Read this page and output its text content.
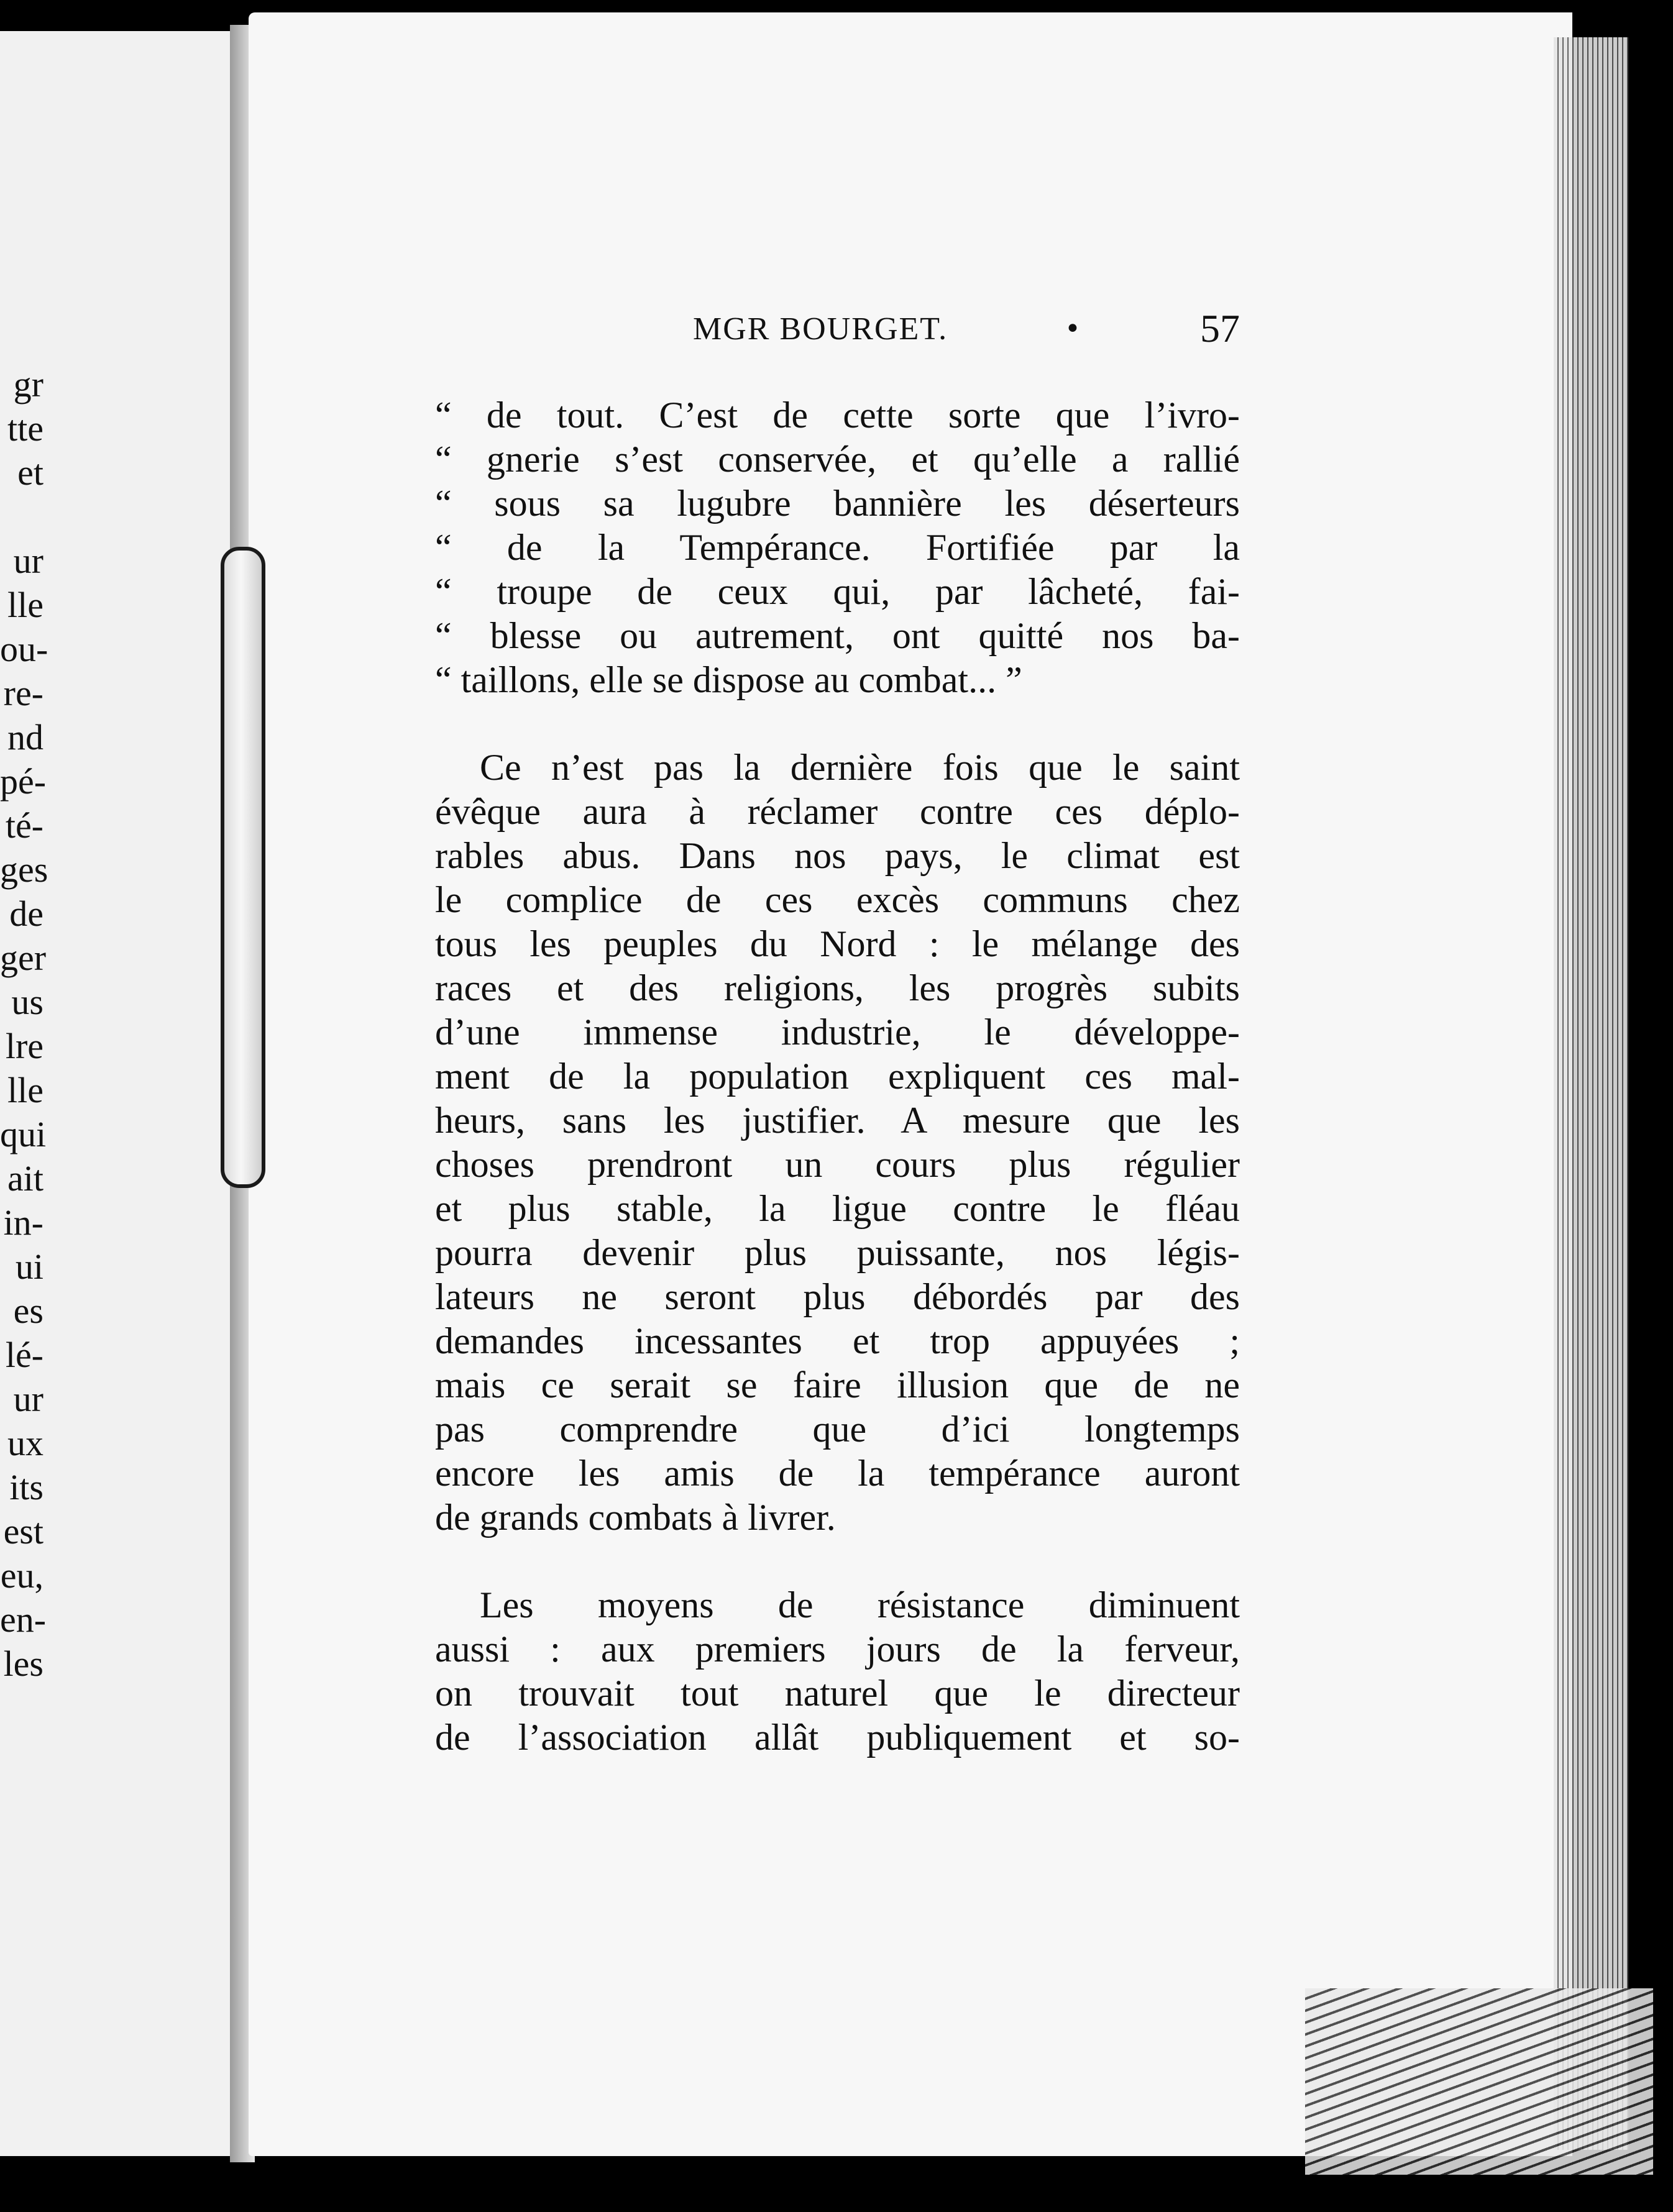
gr
tte
et
ur
lle
ou-
re-
nd
pé-
té-
ges
de
ger
us
lre
lle
qui
ait
in-
ui
es
lé-
ur
ux
its
est
eu,
en-
les
MGR BOURGET.	•	57
“ de tout. C’est de cette sorte que l’ivro-
“ gnerie s’est conservée, et qu’elle a rallié
“ sous sa lugubre bannière les déserteurs
“ de la Tempérance. Fortifiée par la
“ troupe de ceux qui, par lâcheté, fai-
“ blesse ou autrement, ont quitté nos ba-
“ taillons, elle se dispose au combat... ”
Ce n’est pas la dernière fois que le saint
évêque aura à réclamer contre ces déplo-
rables abus. Dans nos pays, le climat est
le complice de ces excès communs chez
tous les peuples du Nord : le mélange des
races et des religions, les progrès subits
d’une immense industrie, le développe-
ment de la population expliquent ces mal-
heurs, sans les justifier. A mesure que les
choses prendront un cours plus régulier
et plus stable, la ligue contre le fléau
pourra devenir plus puissante, nos légis-
lateurs ne seront plus débordés par des
demandes incessantes et trop appuyées ;
mais ce serait se faire illusion que de ne
pas comprendre que d’ici longtemps
encore les amis de la tempérance auront
de grands combats à livrer.
Les moyens de résistance diminuent
aussi : aux premiers jours de la ferveur,
on trouvait tout naturel que le directeur
de l’association allât publiquement et so-
